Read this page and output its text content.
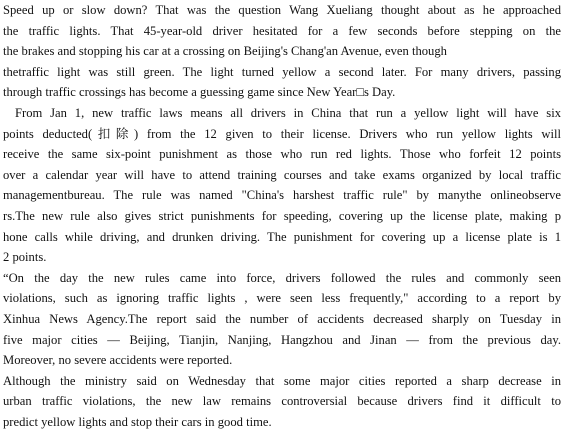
Speed up or slow down? That was the question Wang Xueliang thought about as he approached
the traffic lights. That 45-year-old driver hesitated for a few seconds before stepping on the
the brakes and stopping his car at a crossing on Beijing's Chang'an Avenue, even though
thetraffic light was still green. The light turned yellow a second later. For many drivers, passing
through traffic crossings has become a guessing game since New Year□s Day.
From Jan 1, new traffic laws means all drivers in China that run a yellow light will have six
points deducted(扣除) from the 12 given to their license. Drivers who run yellow lights will
receive the same six-point punishment as those who run red lights. Those who forfeit 12 points
over a calendar year will have to attend training courses and take exams organized by local traffic
managementbureau. The rule was named "China's harshest traffic rule" by manythe onlineobserve
rs.The new rule also gives strict punishments for speeding, covering up the license plate, making p
hone calls while driving, and drunken driving. The punishment for covering up a license plate is 1
2 points.
“On the day the new rules came into force, drivers followed the rules and commonly seen
violations, such as ignoring traffic lights , were seen less frequently," according to a report by
Xinhua News Agency.The report said the number of accidents decreased sharply on Tuesday in
five major cities — Beijing, Tianjin, Nanjing, Hangzhou and Jinan — from the previous day.
Moreover, no severe accidents were reported.
Although the ministry said on Wednesday that some major cities reported a sharp decrease in
urban traffic violations, the new law remains controversial because drivers find it difficult to
predict yellow lights and stop their cars in good time.
